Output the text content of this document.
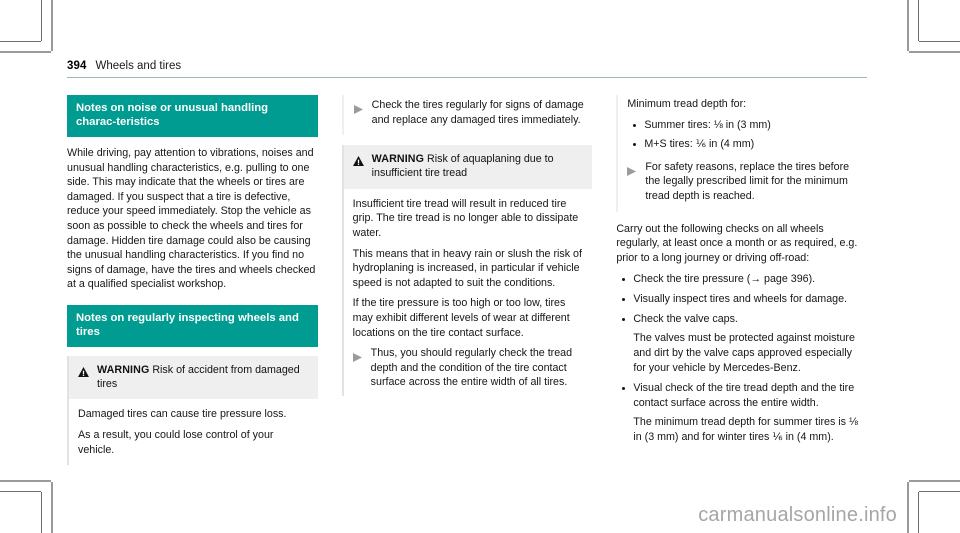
394 Wheels and tires
Notes on noise or unusual handling charac-teristics
While driving, pay attention to vibrations, noises and unusual handling characteristics, e.g. pulling to one side. This may indicate that the wheels or tires are damaged. If you suspect that a tire is defective, reduce your speed immediately. Stop the vehicle as soon as possible to check the wheels and tires for damage. Hidden tire damage could also be causing the unusual handling characteristics. If you find no signs of damage, have the tires and wheels checked at a qualified specialist workshop.
Notes on regularly inspecting wheels and tires
WARNING Risk of accident from damaged tires
Damaged tires can cause tire pressure loss.
As a result, you could lose control of your vehicle.
Check the tires regularly for signs of damage and replace any damaged tires immediately.
WARNING Risk of aquaplaning due to insufficient tire tread
Insufficient tire tread will result in reduced tire grip. The tire tread is no longer able to dissipate water.
This means that in heavy rain or slush the risk of hydroplaning is increased, in particular if vehicle speed is not adapted to suit the conditions.
If the tire pressure is too high or too low, tires may exhibit different levels of wear at different locations on the tire contact surface.
Thus, you should regularly check the tread depth and the condition of the tire contact surface across the entire width of all tires.
Minimum tread depth for:
Summer tires: ⅛ in (3 mm)
M+S tires: ⅙ in (4 mm)
For safety reasons, replace the tires before the legally prescribed limit for the minimum tread depth is reached.
Carry out the following checks on all wheels regularly, at least once a month or as required, e.g. prior to a long journey or driving off-road:
Check the tire pressure (→ page 396).
Visually inspect tires and wheels for damage.
Check the valve caps.
The valves must be protected against moisture and dirt by the valve caps approved especially for your vehicle by Mercedes-Benz.
Visual check of the tire tread depth and the tire contact surface across the entire width.
The minimum tread depth for summer tires is ⅛ in (3 mm) and for winter tires ⅙ in (4 mm).
carmanualsonline.info
